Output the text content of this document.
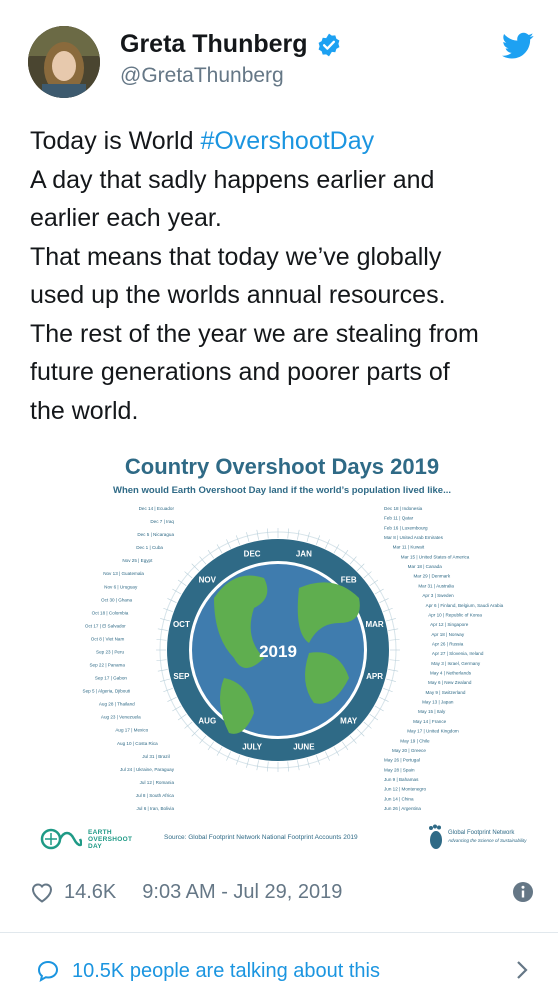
Greta Thunberg
@GretaThunberg
Today is World #OvershootDay
A day that sadly happens earlier and
earlier each year.
That means that today we’ve globally
used up the worlds annual resources.
The rest of the year we are stealing from
future generations and poorer parts of
the world.
Country Overshoot Days 2019
When would Earth Overshoot Day land if the world’s population lived like...
2019
JAN
FEB
MAR
APR
MAY
JUNE
JULY
AUG
SEP
OCT
NOV
DEC
Dec 14 | Ecuador
Dec 7 | Iraq
Dec 5 | Nicaragua
Dec 1 | Cuba
Nov 25 | Egypt
Nov 13 | Guatemala
Nov 6 | Uruguay
Oct 30 | Ghana
Oct 18 | Colombia
Oct 17 | El Salvador
Oct 8 | Viet Nam
Sep 23 | Peru
Sep 22 | Panama
Sep 17 | Gabon
Sep 5 | Algeria, Djibouti
Aug 28 | Thailand
Aug 23 | Venezuela
Aug 17 | Mexico
Aug 10 | Costa Rica
Jul 31 | Brazil
Jul 24 | Ukraine, Paraguay
Jul 12 | Romania
Jul 8 | South Africa
Jul 6 | Iran, Bolivia
Dec 18 | Indonesia
Feb 11 | Qatar
Feb 16 | Luxembourg
Mar 8 | United Arab Emirates
Mar 11 | Kuwait
Mar 15 | United States of America
Mar 18 | Canada
Mar 29 | Denmark
Mar 31 | Australia
Apr 3 | Sweden
Apr 6 | Finland, Belgium, Saudi Arabia
Apr 10 | Republic of Korea
Apr 12 | Singapore
Apr 18 | Norway
Apr 26 | Russia
Apr 27 | Slovenia, Ireland
May 3 | Israel, Germany
May 4 | Netherlands
May 6 | New Zealand
May 9 | Switzerland
May 13 | Japan
May 15 | Italy
May 14 | France
May 17 | United Kingdom
May 19 | Chile
May 20 | Greece
May 26 | Portugal
May 28 | Spain
Jun 9 | Bahamas
Jun 12 | Montenegro
Jun 14 | China
Jun 26 | Argentina
EARTH
OVERSHOOT
DAY
Source: Global Footprint Network National Footprint Accounts 2019
Global Footprint Network
Advancing the Science of Sustainability
14.6K 9:03 AM - Jul 29, 2019
10.5K people are talking about this
